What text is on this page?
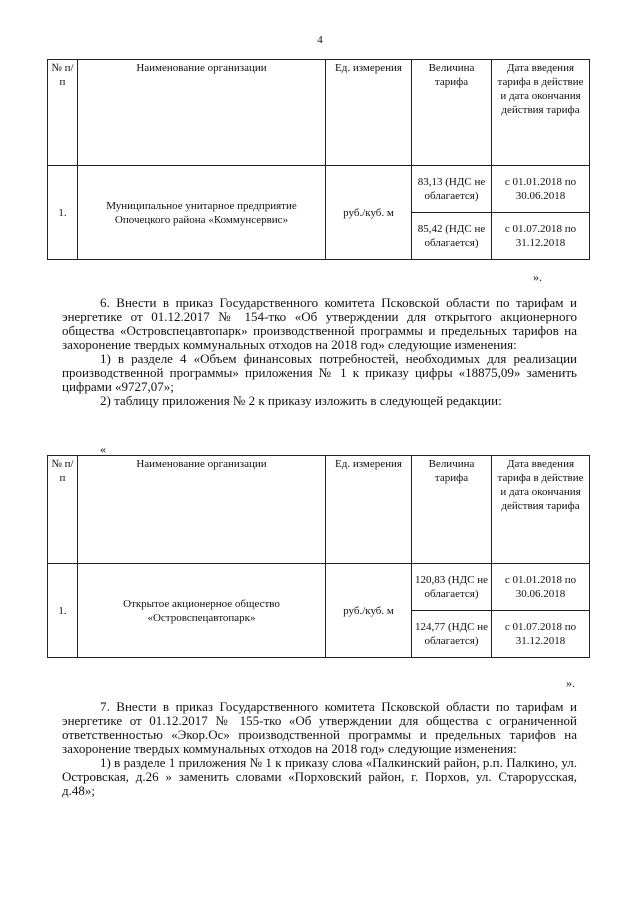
4
№ п/п	Наименование организации	Ед. измерения	Величина тарифа	Дата введения тарифа в действие и дата окончания действия тарифа
1.	Муниципальное унитарное предприятие Опочецкого района «Коммунсервис»	руб./куб. м	83,13 (НДС не облагается)	с 01.01.2018 по 30.06.2018
			85,42 (НДС не облагается)	с 01.07.2018 по 31.12.2018
».

6. Внести в приказ Государственного комитета Псковской области по тарифам и энергетике от 01.12.2017 № 154-тко «Об утверждении для открытого акционерного общества «Островспецавтопарк» производственной программы и предельных тарифов на захоронение твердых коммунальных отходов на 2018 год» следующие изменения:

1) в разделе 4 «Объем финансовых потребностей, необходимых для реализации производственной программы» приложения № 1 к приказу цифры «18875,09» заменить цифрами «9727,07»;

2) таблицу приложения № 2 к приказу изложить в следующей редакции:

«
№ п/п	Наименование организации	Ед. измерения	Величина тарифа	Дата введения тарифа в действие и дата окончания действия тарифа
1.	Открытое акционерное общество «Островспецавтопарк»	руб./куб. м	120,83 (НДС не облагается)	с 01.01.2018 по 30.06.2018
			124,77 (НДС не облагается)	с 01.07.2018 по 31.12.2018
».

7. Внести в приказ Государственного комитета Псковской области по тарифам и энергетике от 01.12.2017 № 155-тко «Об утверждении для общества с ограниченной ответственностью «Экор.Ос» производственной программы и предельных тарифов на захоронение твердых коммунальных отходов на 2018 год» следующие изменения:

1) в разделе 1 приложения № 1 к приказу слова «Палкинский район, р.п. Палкино, ул. Островская, д.26 » заменить словами «Порховский район, г. Порхов, ул. Старорусская, д.48»;
